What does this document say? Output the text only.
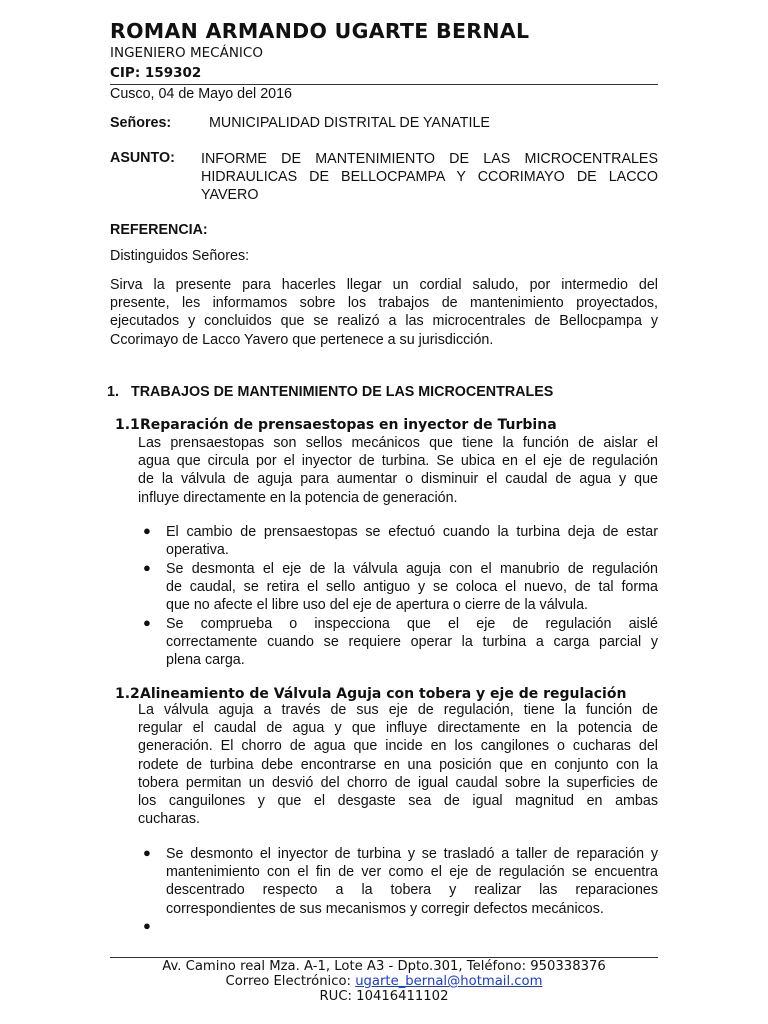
ROMAN ARMANDO UGARTE BERNAL
INGENIERO MECÁNICO
CIP: 159302
Cusco, 04 de Mayo del 2016
Señores:	MUNICIPALIDAD DISTRITAL DE YANATILE
ASUNTO: INFORME DE MANTENIMIENTO DE LAS MICROCENTRALES
HIDRAULICAS DE BELLOCPAMPA Y CCORIMAYO DE LACCO
YAVERO
REFERENCIA:
Distinguidos Señores:
Sirva la presente para hacerles llegar un cordial saludo, por intermedio del
presente, les informamos sobre los trabajos de mantenimiento proyectados,
ejecutados y concluidos que se realizó a las microcentrales de Bellocpampa y
Ccorimayo de Lacco Yavero que pertenece a su jurisdicción.
1. TRABAJOS DE MANTENIMIENTO DE LAS MICROCENTRALES
1.1 Reparación de prensaestopas en inyector de Turbina
Las prensaestopas son sellos mecánicos que tiene la función de aislar el
agua que circula por el inyector de turbina. Se ubica en el eje de regulación
de la válvula de aguja para aumentar o disminuir el caudal de agua y que
influye directamente en la potencia de generación.
● El cambio de prensaestopas se efectuó cuando la turbina deja de estar
operativa.
● Se desmonta el eje de la válvula aguja con el manubrio de regulación
de caudal, se retira el sello antiguo y se coloca el nuevo, de tal forma
que no afecte el libre uso del eje de apertura o cierre de la válvula.
● Se comprueba o inspecciona que el eje de regulación aislé
correctamente cuando se requiere operar la turbina a carga parcial y
plena carga.
1.2 Alineamiento de Válvula Aguja con tobera y eje de regulación
La válvula aguja a través de sus eje de regulación, tiene la función de
regular el caudal de agua y que influye directamente en la potencia de
generación. El chorro de agua que incide en los cangilones o cucharas del
rodete de turbina debe encontrarse en una posición que en conjunto con la
tobera permitan un desvió del chorro de igual caudal sobre la superficies de
los canguilones y que el desgaste sea de igual magnitud en ambas
cucharas.
● Se desmonto el inyector de turbina y se trasladó a taller de reparación y
mantenimiento con el fin de ver como el eje de regulación se encuentra
descentrado respecto a la tobera y realizar las reparaciones
correspondientes de sus mecanismos y corregir defectos mecánicos.
●
Av. Camino real Mza. A-1, Lote A3 - Dpto.301, Teléfono: 950338376
Correo Electrónico: ugarte_bernal@hotmail.com
RUC: 10416411102
